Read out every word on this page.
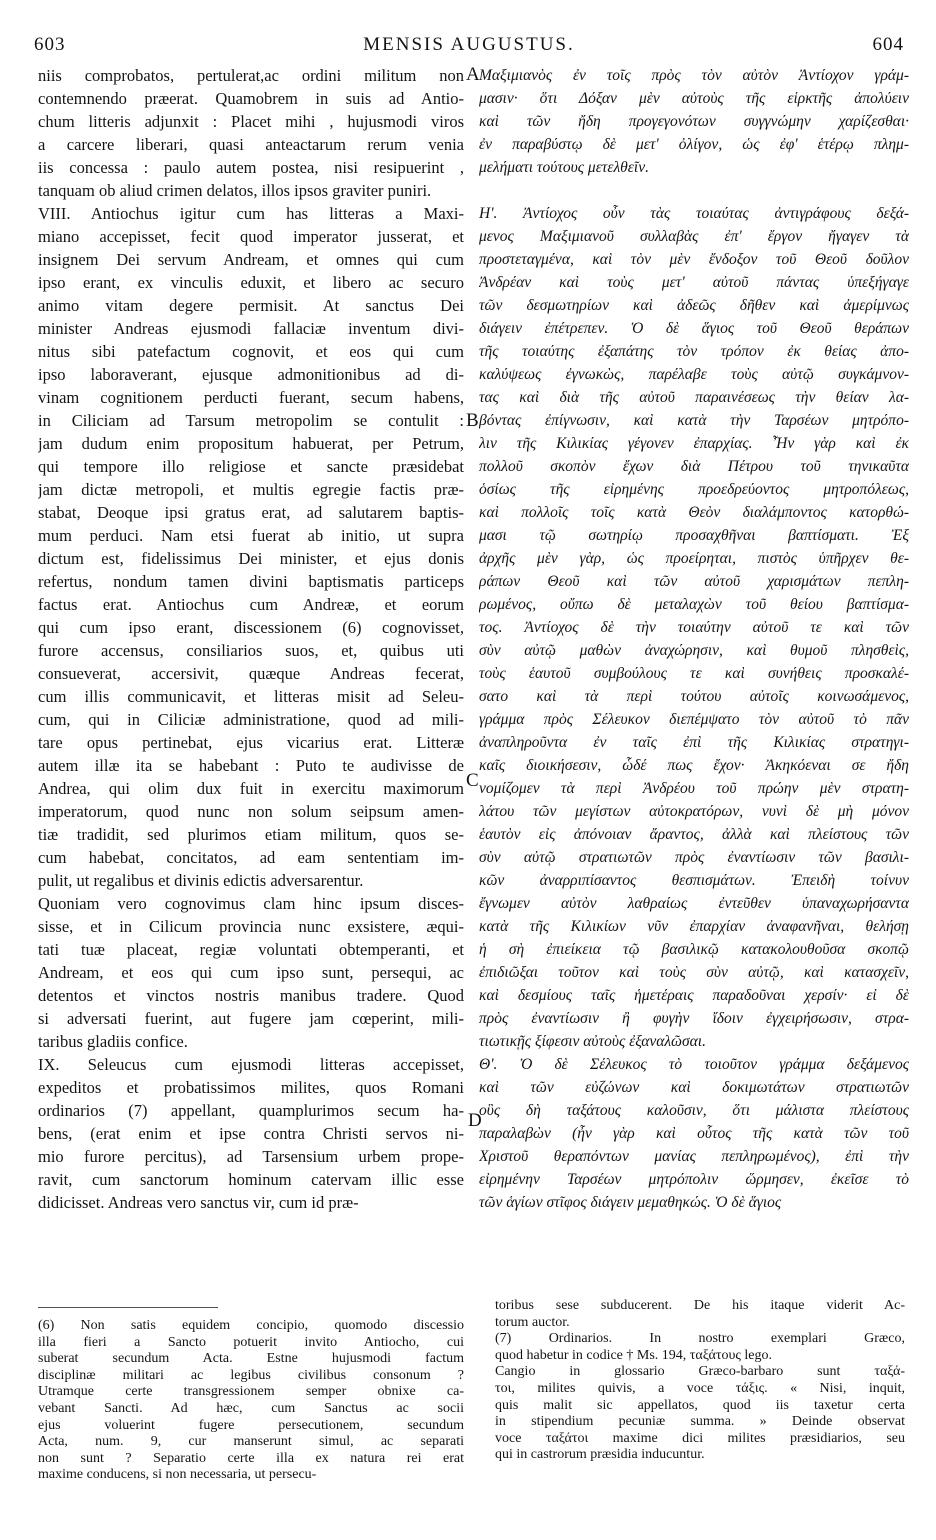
603	MENSIS AUGUSTUS.	604
niis comprobatos, pertulerat,ac ordini militum non
contemnendo præerat. Quamobrem in suis ad Antio-
chum litteris adjunxit : Placet mihi , hujusmodi viros
a carcere liberari, quasi anteactarum rerum venia
iis concessa : paulo autem postea, nisi resipuerint ,
tanquam ob aliud crimen delatos, illos ipsos graviter puniri.
VIII. Antiochus igitur cum has litteras a Maxi-
miano accepisset, fecit quod imperator jusserat, et
insignem Dei servum Andream, et omnes qui cum
ipso erant, ex vinculis eduxit, et libero ac securo
animo vitam degere permisit. At sanctus Dei
minister Andreas ejusmodi fallaciæ inventum divi-
nitus sibi patefactum cognovit, et eos qui cum
ipso laboraverant, ejusque admonitionibus ad di-
vinam cognitionem perducti fuerant, secum habens,
in Ciliciam ad Tarsum metropolim se contulit :
jam dudum enim propositum habuerat, per Petrum,
qui tempore illo religiose et sancte præsidebat
jam dictæ metropoli, et multis egregie factis præ-
stabat, Deoque ipsi gratus erat, ad salutarem baptis-
mum perduci. Nam etsi fuerat ab initio, ut supra
dictum est, fidelissimus Dei minister, et ejus donis
refertus, nondum tamen divini baptismatis particeps
factus erat. Antiochus cum Andreæ, et eorum
qui cum ipso erant, discessionem (6) cognovisset,
furore accensus, consiliarios suos, et, quibus uti
consueverat, accersivit, quæque Andreas fecerat,
cum illis communicavit, et litteras misit ad Seleu-
cum, qui in Ciliciæ administratione, quod ad mili-
tare opus pertinebat, ejus vicarius erat. Litteræ
autem illæ ita se habebant : Puto te audivisse de
Andrea, qui olim dux fuit in exercitu maximorum
imperatorum, quod nunc non solum seipsum amen-
tiæ tradidit, sed plurimos etiam militum, quos se-
cum habebat, concitatos, ad eam sententiam im-
pulit, ut regalibus et divinis edictis adversarentur.
Quoniam vero cognovimus clam hinc ipsum disces-
sisse, et in Cilicum provincia nunc exsistere, æqui-
tati tuæ placeat, regiæ voluntati obtemperanti, et
Andream, et eos qui cum ipso sunt, persequi, ac
detentos et vinctos nostris manibus tradere. Quod
si adversati fuerint, aut fugere jam cœperint, mili-
taribus gladiis confice.
IX. Seleucus cum ejusmodi litteras accepisset,
expeditos et probatissimos milites, quos Romani
ordinarios (7) appellant, quamplurimos secum ha-
bens, (erat enim et ipse contra Christi servos ni-
mio furore percitus), ad Tarsensium urbem prope-
ravit, cum sanctorum hominum catervam illic esse
didicisset. Andreas vero sanctus vir, cum id præ-
Μαξιμιανὸς ἐν τοῖς πρὸς τὸν αὐτὸν Ἀντίοχον γράμ-
μασιν· ὅτι Δόξαν μὲν αὐτοὺς τῆς εἱρκτῆς ἀπολύειν
καὶ τῶν ἤδη προγεγονότων συγγνώμην χαρίζεσθαι·
ἐν παραβύστῳ δὲ μετ' ὀλίγον, ὡς ἐφ' ἑτέρῳ πλημ-
μελήματι τούτους μετελθεῖν.
Η'. Ἀντίοχος οὖν τὰς τοιαύτας ἀντιγράφους δεξά-
μενος Μαξιμιανοῦ συλλαβὰς ἐπ' ἔργον ἤγαγεν τὰ
προστεταγμένα, καὶ τὸν μὲν ἔνδοξον τοῦ Θεοῦ δοῦλον
Ἀνδρέαν καὶ τοὺς μετ' αὐτοῦ πάντας ὑπεξήγαγε
τῶν δεσμωτηρίων καὶ ἀδεῶς δῆθεν καὶ ἀμερίμνως
διάγειν ἐπέτρεπεν. Ὁ δὲ ἅγιος τοῦ Θεοῦ θεράπων
τῆς τοιαύτης ἐξαπάτης τὸν τρόπον ἐκ θείας ἀπο-
καλύψεως ἐγνωκὼς, παρέλαβε τοὺς αὐτῷ συγκάμνον-
τας καὶ διὰ τῆς αὐτοῦ παραινέσεως τὴν θείαν λα-
βόντας ἐπίγνωσιν, καὶ κατὰ τὴν Ταρσέων μητρόπο-
λιν τῆς Κιλικίας γέγονεν ἐπαρχίας. Ἦν γὰρ καὶ ἐκ
πολλοῦ σκοπὸν ἔχων διὰ Πέτρου τοῦ τηνικαῦτα
ὁσίως τῆς εἰρημένης προεδρεύοντος μητροπόλεως,
καὶ πολλοῖς τοῖς κατὰ Θεὸν διαλάμποντος κατορθώ-
μασι τῷ σωτηρίῳ προσαχθῆναι βαπτίσματι. Ἐξ
ἀρχῆς μὲν γὰρ, ὡς προείρηται, πιστὸς ὑπῆρχεν θε-
ράπων Θεοῦ καὶ τῶν αὐτοῦ χαρισμάτων πεπλη-
ρωμένος, οὔπω δὲ μεταλαχὼν τοῦ θείου βαπτίσμα-
τος. Ἀντίοχος δὲ τὴν τοιαύτην αὐτοῦ τε καὶ τῶν
σὺν αὐτῷ μαθὼν ἀναχώρησιν, καὶ θυμοῦ πλησθεὶς,
τοὺς ἑαυτοῦ συμβούλους τε καὶ συνήθεις προσκαλέ-
σατο καὶ τὰ περὶ τούτου αὐτοῖς κοινωσάμενος,
γράμμα πρὸς Σέλευκον διεπέμψατο τὸν αὐτοῦ τὸ πᾶν
ἀναπληροῦντα ἐν ταῖς ἐπὶ τῆς Κιλικίας στρατηγι-
καῖς διοικήσεσιν, ὧδέ πως ἔχον· Ἀκηκόεναι σε ἤδη
νομίζομεν τὰ περὶ Ἀνδρέου τοῦ πρώην μὲν στρατη-
λάτου τῶν μεγίστων αὐτοκρατόρων, νυνὶ δὲ μὴ μόνον
ἑαυτὸν εἰς ἀπόνοιαν ἄραντος, ἀλλὰ καὶ πλείστους τῶν
σὺν αὐτῷ στρατιωτῶν πρὸς ἐναντίωσιν τῶν βασιλι-
κῶν ἀναρριπίσαντος θεσπισμάτων. Ἐπειδὴ τοίνυν
ἔγνωμεν αὐτὸν λαθραίως ἐντεῦθεν ὑπαναχωρήσαντα
κατὰ τῆς Κιλικίων νῦν ἐπαρχίαν ἀναφανῆναι, θελήσῃ
ἡ σὴ ἐπιείκεια τῷ βασιλικῷ κατακολουθοῦσα σκοπῷ
ἐπιδιῶξαι τοῦτον καὶ τοὺς σὺν αὐτῷ, καὶ κατασχεῖν,
καὶ δεσμίους ταῖς ἡμετέραις παραδοῦναι χερσίν· εἰ δὲ
πρὸς ἐναντίωσιν ἢ φυγὴν ἴδοιν ἐγχειρήσωσιν, στρα-
τιωτικῇς ξίφεσιν αὐτοὺς ἐξαναλῶσαι.
Θ'. Ὁ δὲ Σέλευκος τὸ τοιοῦτον γράμμα δεξάμενος
καὶ τῶν εὐζώνων καὶ δοκιμωτάτων στρατιωτῶν
οὓς δὴ ταξάτους καλοῦσιν, ὅτι μάλιστα πλείστους
παραλαβὼν (ἦν γὰρ καὶ οὗτος τῆς κατὰ τῶν τοῦ
Χριστοῦ θεραπόντων μανίας πεπληρωμένος), ἐπὶ τὴν
εἰρημένην Ταρσέων μητρόπολιν ὥρμησεν, ἐκεῖσε τὸ
τῶν ἁγίων στῖφος διάγειν μεμαθηκώς. Ὁ δὲ ἅγιος
A
B
C
D
(6) Non satis equidem concipio, quomodo discessio
illa fieri a Sancto potuerit invito Antiocho, cui
suberat secundum Acta. Estne hujusmodi factum
disciplinæ militari ac legibus civilibus consonum ?
Utramque certe transgressionem semper obnixe ca-
vebant Sancti. Ad hæc, cum Sanctus ac socii
ejus voluerint fugere persecutionem, secundum
Acta, num. 9, cur manserunt simul, ac separati
non sunt ? Separatio certe illa ex natura rei erat
maxime conducens, si non necessaria, ut persecu-
toribus sese subducerent. De his itaque viderit Ac-
torum auctor.
(7) Ordinarios. In nostro exemplari Græco,
quod habetur in codice † Ms. 194, ταξάτους lego.
Cangio in glossario Græco-barbaro sunt ταξά-
τοι, milites quivis, a voce τάξις. « Nisi, inquit,
quis malit sic appellatos, quod iis taxetur certa
in stipendium pecuniæ summa. » Deinde observat
voce ταξάτοι maxime dici milites præsidiarios, seu
qui in castrorum præsidia inducuntur.
